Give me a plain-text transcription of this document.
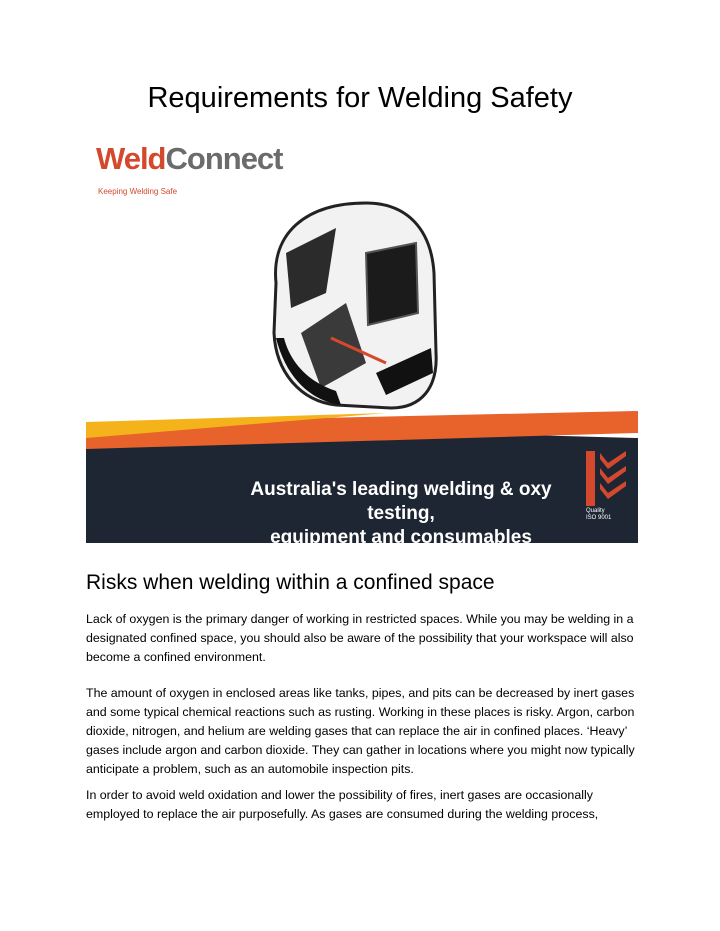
Requirements for Welding Safety
WeldConnect
Keeping Welding Safe
Australia's leading welding & oxy testing,
equipment and consumables supplier.
Quality
ISO 9001
Risks when welding within a confined space

Lack of oxygen is the primary danger of working in restricted spaces. While you may be welding in a designated confined space, you should also be aware of the possibility that your workspace will also become a confined environment.

The amount of oxygen in enclosed areas like tanks, pipes, and pits can be decreased by inert gases and some typical chemical reactions such as rusting. Working in these places is risky. Argon, carbon dioxide, nitrogen, and helium are welding gases that can replace the air in confined places. ‘Heavy’ gases include argon and carbon dioxide. They can gather in locations where you might now typically anticipate a problem, such as an automobile inspection pits.

In order to avoid weld oxidation and lower the possibility of fires, inert gases are occasionally employed to replace the air purposefully. As gases are consumed during the welding process,
